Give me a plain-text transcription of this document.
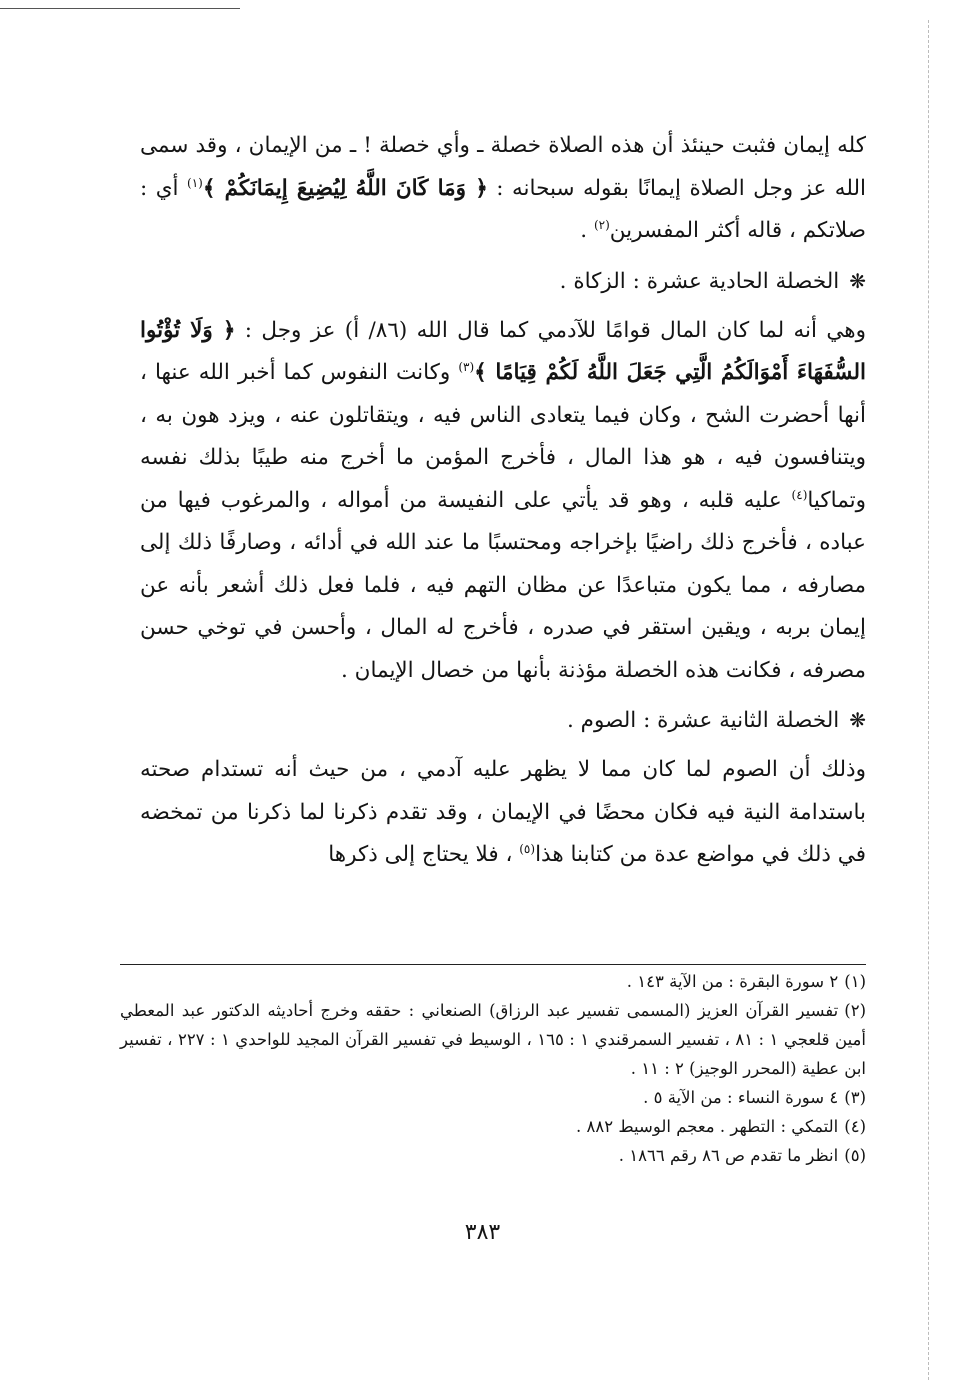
كله إيمان فثبت حينئذ أن هذه الصلاة خصلة ـ وأي خصلة ! ـ من الإيمان ، وقد سمى الله عز وجل الصلاة إيمانًا بقوله سبحانه : ﴿ وَمَا كَانَ اللَّهُ لِيُضِيعَ إِيمَانَكُمْ ﴾$^{(١)}$ أي : صلاتكم ، قاله أكثر المفسرين$^{(٢)}$ .

❋الخصلة الحادية عشرة : الزكاة .

وهي أنه لما كان المال قوامًا للآدمي كما قال الله (٨٦/ أ) عز وجل : ﴿ وَلَا تُؤْتُوا السُّفَهَاءَ أَمْوَالَكُمُ الَّتِي جَعَلَ اللَّهُ لَكُمْ قِيَامًا ﴾$^{(٣)}$ وكانت النفوس كما أخبر الله عنها ، أنها أحضرت الشح ، وكان فيما يتعادى الناس فيه ، ويتقاتلون عنه ، ويزد هون به ، ويتنافسون فيه ، هو هذا المال ، فأخرج المؤمن ما أخرج منه طيبًا بذلك نفسه وتماكيا$^{(٤)}$ عليه قلبه ، وهو قد يأتي على النفيسة من أمواله ، والمرغوب فيها من عباده ، فأخرج ذلك راضيًا بإخراجه ومحتسبًا ما عند الله في أدائه ، وصارفًا ذلك إلى مصارفه ، مما يكون متباعدًا عن مظان التهم فيه ، فلما فعل ذلك أشعر بأنه عن إيمان بربه ، ويقين استقر في صدره ، فأخرج له المال ، وأحسن في توخي حسن مصرفه ، فكانت هذه الخصلة مؤذنة بأنها من خصال الإيمان .

❋الخصلة الثانية عشرة : الصوم .

وذلك أن الصوم لما كان مما لا يظهر عليه آدمي ، من حيث أنه تستدام صحته باستدامة النية فيه فكان محضًا في الإيمان ، وقد تقدم ذكرنا لما ذكرنا من تمخضه في ذلك في مواضع عدة من كتابنا هذا$^{(٥)}$ ، فلا يحتاج إلى ذكرها

(١)٢ سورة البقرة : من الآية ١٤٣ .

(٢)تفسير القرآن العزيز (المسمى تفسير عبد الرزاق) الصنعاني : حققه وخرج أحاديثه الدكتور عبد المعطي أمين قلعجي ١ : ٨١ ، تفسير السمرقندي ١ : ١٦٥ ، الوسيط في تفسير القرآن المجيد للواحدي ١ : ٢٢٧ ، تفسير ابن عطية (المحرر الوجيز) ٢ : ١١ .

(٣)٤ سورة النساء : من الآية ٥ .

(٤)التمكي : التطهر . معجم الوسيط ٨٨٢ .

(٥)انظر ما تقدم ص ٨٦ رقم ١٨٦٦ .

٣٨٣
